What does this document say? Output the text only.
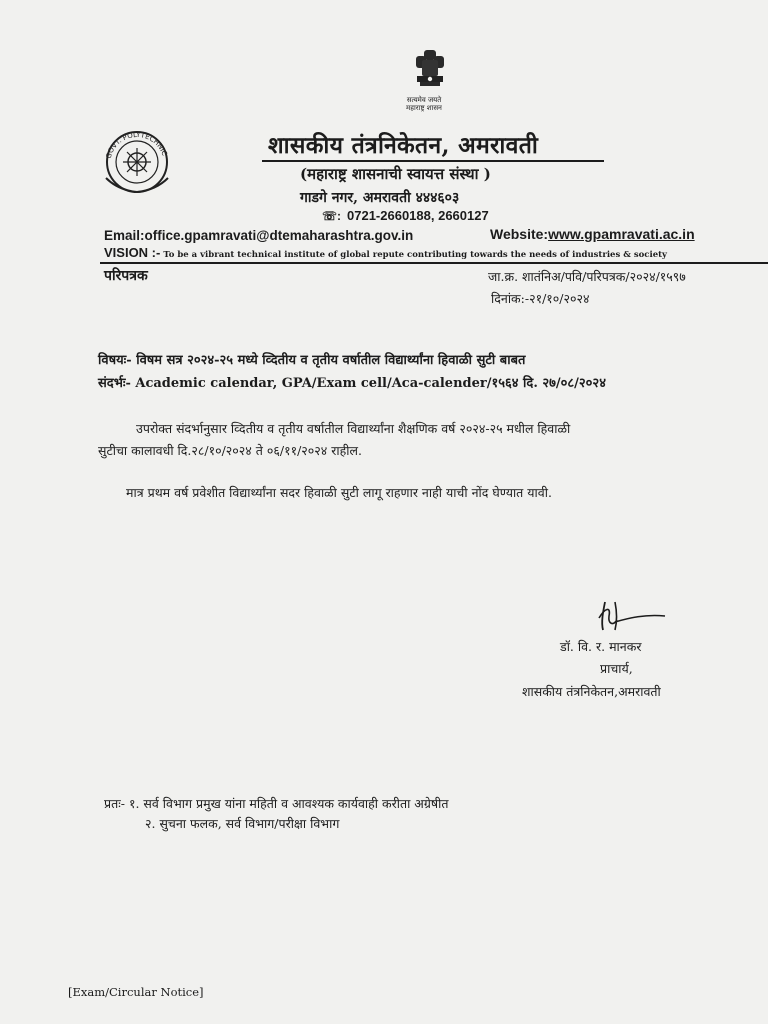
सत्यमेव जयते
महाराष्ट्र शासन
GOVT. POLYTECHNIC	शासकीय तंत्रनिकेतन, अमरावती
(महाराष्ट्र शासनाची स्वायत्त संस्था )
गाडगे नगर, अमरावती ४४४६०३
☏: 0721-2660188, 2660127
Email:office.gpamravati@dtemaharashtra.gov.in	Website:www.gpamravati.ac.in
VISION :- To be a vibrant technical institute of global repute contributing towards the needs of industries & society
परिपत्रक	जा.क्र. शातंनिअ/पवि/परिपत्रक/२०२४/१५९७
दिनांक:-२१/१०/२०२४
विषयः- विषम सत्र २०२४-२५ मध्ये व्दितीय व तृतीय वर्षातील विद्यार्थ्यांना हिवाळी सुटी बाबत
संदर्भः- Academic calendar, GPA/Exam cell/Aca-calender/१५६४ दि. २७/०८/२०२४
उपरोक्त संदर्भानुसार व्दितीय व तृतीय वर्षातील विद्यार्थ्यांना शैक्षणिक वर्ष २०२४-२५ मधील हिवाळी
सुटीचा कालावधी दि.२८/१०/२०२४ ते ०६/११/२०२४ राहील.
मात्र प्रथम वर्ष प्रवेशीत विद्यार्थ्यांना सदर हिवाळी सुटी लागू राहणार नाही याची नोंद घेण्यात यावी.
डॉ. वि. र. मानकर
प्राचार्य,
शासकीय तंत्रनिकेतन,अमरावती
प्रतः- १. सर्व विभाग प्रमुख यांना महिती व आवश्यक कार्यवाही करीता अग्रेषीत
२. सुचना फलक, सर्व विभाग/परीक्षा विभाग
[Exam/Circular Notice]
